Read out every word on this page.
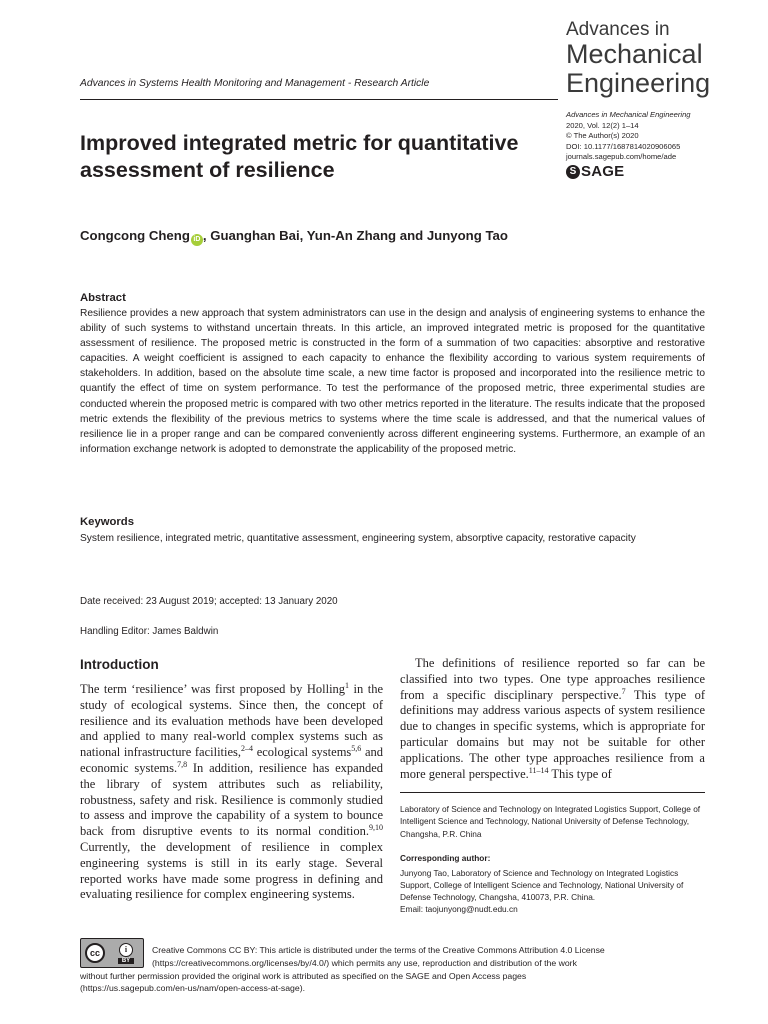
Advances in
Mechanical
Engineering
Advances in Systems Health Monitoring and Management - Research Article
Advances in Mechanical Engineering
2020, Vol. 12(2) 1–14
© The Author(s) 2020
DOI: 10.1177/1687814020906065
journals.sagepub.com/home/ade
S SAGE
Improved integrated metric for quantitative assessment of resilience
Congcong Cheng iD , Guanghan Bai, Yun-An Zhang and Junyong Tao
Abstract

Resilience provides a new approach that system administrators can use in the design and analysis of engineering systems to enhance the ability of such systems to withstand uncertain threats. In this article, an improved integrated metric is proposed for the quantitative assessment of resilience. The proposed metric is constructed in the form of a summation of two capacities: absorptive and restorative capacities. A weight coefficient is assigned to each capacity to enhance the flexibility according to various system requirements of stakeholders. In addition, based on the absolute time scale, a new time factor is proposed and incorporated into the resilience metric to quantify the effect of time on system performance. To test the performance of the proposed metric, three experimental studies are conducted wherein the proposed metric is compared with two other metrics reported in the literature. The results indicate that the proposed metric extends the flexibility of the previous metrics to systems where the time scale is addressed, and that the numerical values of resilience lie in a proper range and can be compared conveniently across different engineering systems. Furthermore, an example of an information exchange network is adopted to demonstrate the applicability of the proposed metric.

Keywords

System resilience, integrated metric, quantitative assessment, engineering system, absorptive capacity, restorative capacity

Date received: 23 August 2019; accepted: 13 January 2020
Handling Editor: James Baldwin
Introduction

The term ‘resilience’ was first proposed by Holling$^1$ in the study of ecological systems. Since then, the concept of resilience and its evaluation methods have been developed and applied to many real-world complex systems such as national infrastructure facilities,$^{2-4}$ ecological systems$^{5,6}$ and economic systems.$^{7,8}$ In addition, resilience has expanded the library of system attributes such as reliability, robustness, safety and risk. Resilience is commonly studied to assess and improve the capability of a system to bounce back from disruptive events to its normal condition.$^{9,10}$ Currently, the development of resilience in complex engineering systems is still in its early stage. Several reported works have made some progress in defining and evaluating resilience for complex engineering systems.

The definitions of resilience reported so far can be classified into two types. One type approaches resilience from a specific disciplinary perspective.$^7$ This type of definitions may address various aspects of system resilience due to changes in specific systems, which is appropriate for particular domains but may not be suitable for other applications. The other type approaches resilience from a more general perspective.$^{11-14}$ This type of

Laboratory of Science and Technology on Integrated Logistics Support, College of Intelligent Science and Technology, National University of Defense Technology, Changsha, P.R. China

Corresponding author:

Junyong Tao, Laboratory of Science and Technology on Integrated Logistics Support, College of Intelligent Science and Technology, National University of Defense Technology, Changsha, 410073, P.R. China.
Email: taojunyong@nudt.edu.cn

cc	i
BY

Creative Commons CC BY: This article is distributed under the terms of the Creative Commons Attribution 4.0 License
(https://creativecommons.org/licenses/by/4.0/) which permits any use, reproduction and distribution of the work
without further permission provided the original work is attributed as specified on the SAGE and Open Access pages
(https://us.sagepub.com/en-us/nam/open-access-at-sage).
